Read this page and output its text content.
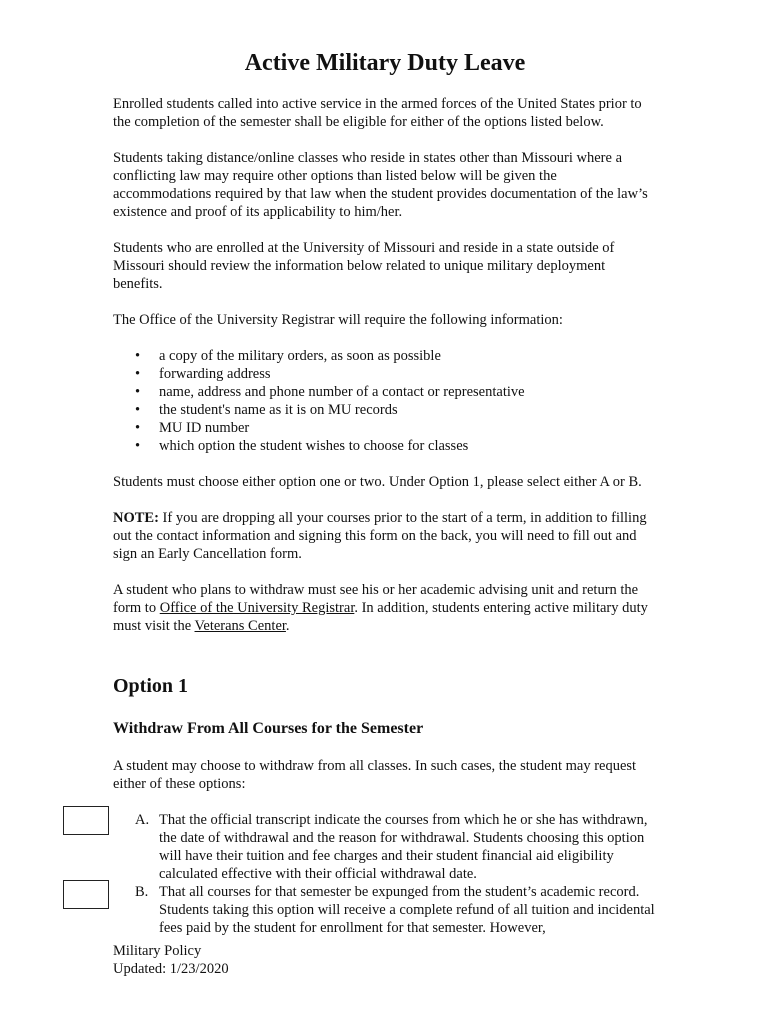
Active Military Duty Leave

Enrolled students called into active service in the armed forces of the United States prior to the completion of the semester shall be eligible for either of the options listed below.

Students taking distance/online classes who reside in states other than Missouri where a conflicting law may require other options than listed below will be given the accommodations required by that law when the student provides documentation of the law’s existence and proof of its applicability to him/her.

Students who are enrolled at the University of Missouri and reside in a state outside of Missouri should review the information below related to unique military deployment benefits.

The Office of the University Registrar will require the following information:

• a copy of the military orders, as soon as possible
• forwarding address
• name, address and phone number of a contact or representative
• the student's name as it is on MU records
• MU ID number
• which option the student wishes to choose for classes

Students must choose either option one or two. Under Option 1, please select either A or B.

NOTE: If you are dropping all your courses prior to the start of a term, in addition to filling out the contact information and signing this form on the back, you will need to fill out and sign an Early Cancellation form.

A student who plans to withdraw must see his or her academic advising unit and return the form to Office of the University Registrar. In addition, students entering active military duty must visit the Veterans Center.

Option 1
Withdraw From All Courses for the Semester

A student may choose to withdraw from all classes. In such cases, the student may request either of these options:

A. That the official transcript indicate the courses from which he or she has withdrawn, the date of withdrawal and the reason for withdrawal. Students choosing this option will have their tuition and fee charges and their student financial aid eligibility calculated effective with their official withdrawal date.
B. That all courses for that semester be expunged from the student’s academic record. Students taking this option will receive a complete refund of all tuition and incidental fees paid by the student for enrollment for that semester. However,
Military Policy
Updated: 1/23/2020
